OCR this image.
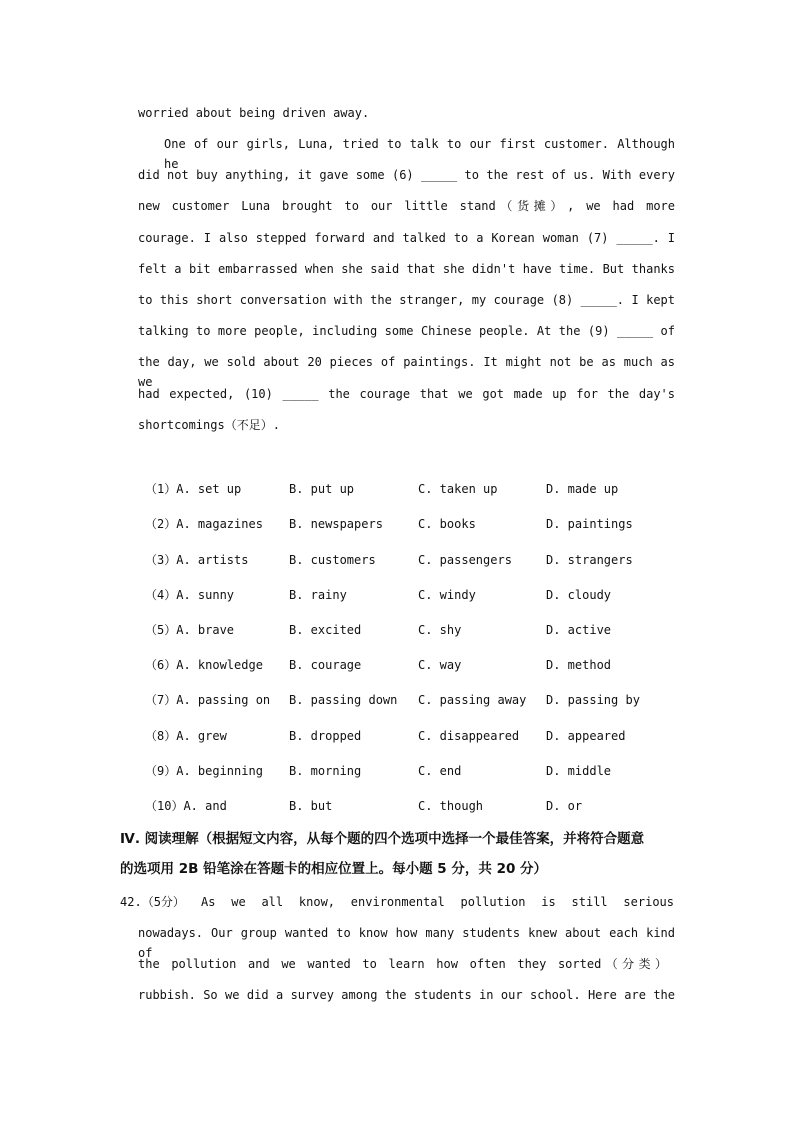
worried about being driven away.
One of our girls, Luna, tried to talk to our first customer. Although he
did not buy anything, it gave some (6) _____ to the rest of us. With every
new customer Luna brought to our little stand（货摊）, we had more
courage. I also stepped forward and talked to a Korean woman (7) _____. I
felt a bit embarrassed when she said that she didn't have time. But thanks
to this short conversation with the stranger, my courage (8) _____. I kept
talking to more people, including some Chinese people. At the (9) _____ of
the day, we sold about 20 pieces of paintings. It might not be as much as we
had expected, (10) _____ the courage that we got made up for the day's
shortcomings（不足）.
（1）A. set up	B. put up	C. taken up	D. made up
（2）A. magazines B. newspapers	C. books	D. paintings
（3）A. artists	B. customers	C. passengers	D. strangers
（4）A. sunny	B. rainy	C. windy	D. cloudy
（5）A. brave	B. excited	C. shy	D. active
（6）A. knowledge B. courage	C. way	D. method
（7）A. passing on B. passing down C. passing away D. passing by
（8）A. grew	B. dropped	C. disappeared D. appeared
（9）A. beginning B. morning	C. end	D. middle
（10）A. and	B. but	C. though	D. or
Ⅳ. 阅读理解（根据短文内容，从每个题的四个选项中选择一个最佳答案，并将符合题意
的选项用 2B 铅笔涂在答题卡的相应位置上。每小题 5 分，共 20 分）
42.（5分） As we all know, environmental pollution is still serious
nowadays. Our group wanted to know how many students knew about each kind of
the pollution and we wanted to learn how often they sorted（分类）
rubbish. So we did a survey among the students in our school. Here are the
